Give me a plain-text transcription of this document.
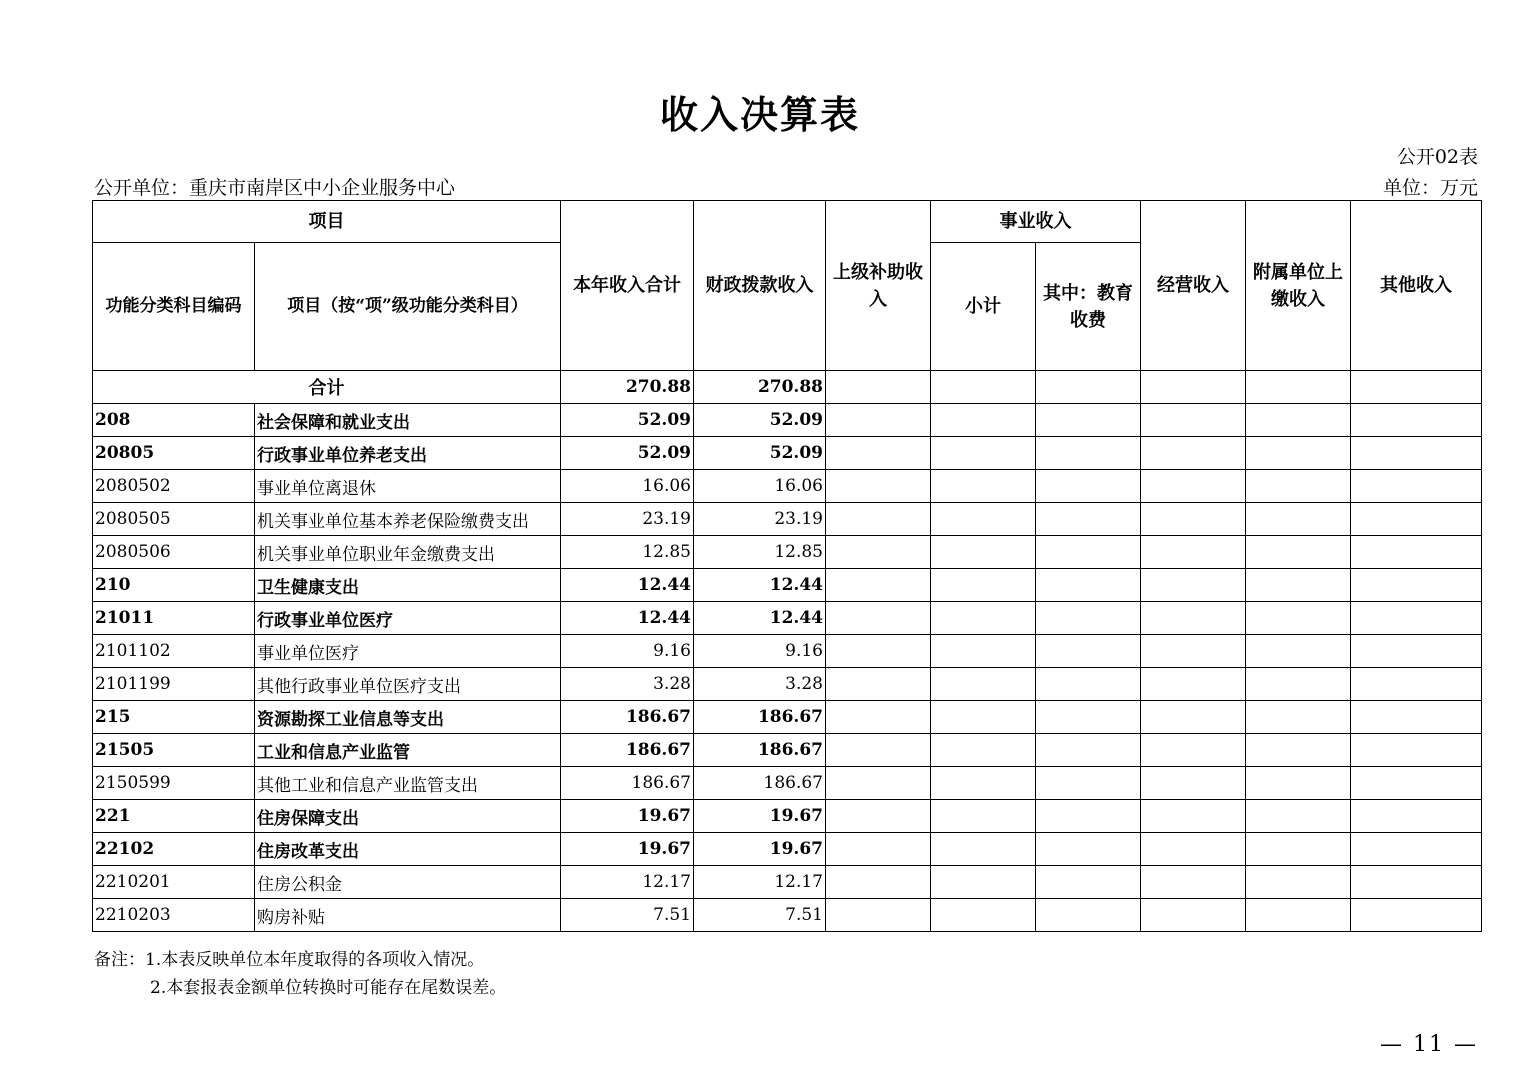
收入决算表
公开02表
公开单位：重庆市南岸区中小企业服务中心	单位：万元
项目		本年收入合计	财政拨款收入	上级补助收入	事业收入		经营收入	附属单位上缴收入	其他收入
功能分类科目编码	项目（按“项”级功能分类科目）				小计	其中：教育收费			
合计		270.88	270.88						
208	社会保障和就业支出	52.09	52.09						
20805	行政事业单位养老支出	52.09	52.09						
2080502	事业单位离退休	16.06	16.06						
2080505	机关事业单位基本养老保险缴费支出	23.19	23.19						
2080506	机关事业单位职业年金缴费支出	12.85	12.85						
210	卫生健康支出	12.44	12.44						
21011	行政事业单位医疗	12.44	12.44						
2101102	事业单位医疗	9.16	9.16						
2101199	其他行政事业单位医疗支出	3.28	3.28						
215	资源勘探工业信息等支出	186.67	186.67						
21505	工业和信息产业监管	186.67	186.67						
2150599	其他工业和信息产业监管支出	186.67	186.67						
221	住房保障支出	19.67	19.67						
22102	住房改革支出	19.67	19.67						
2210201	住房公积金	12.17	12.17						
2210203	购房补贴	7.51	7.51						
备注：1.本表反映单位本年度取得的各项收入情况。
2.本套报表金额单位转换时可能存在尾数误差。
— 11 —
